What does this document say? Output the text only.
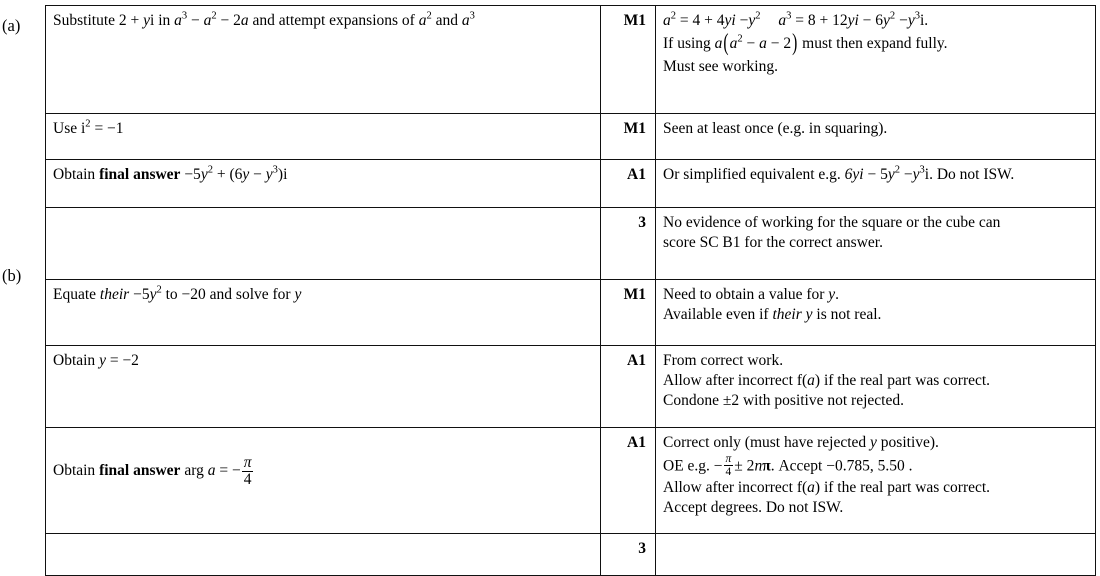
(a)
(b)
Substitute 2 + yi in $a^3 - a^2 - 2a$ and attempt expansions of $a^2$ and $a^3$	M1	$a^2 = 4 + 4yi -y^2$ $a^3 = 8 + 12yi - 6y^2 -y^3i$.
If using $a(a^2 - a - 2)$ must then expand fully.
Must see working.

Use $i^2 = -1$	M1	Seen at least once (e.g. in squaring).
Obtain final answer $-5y^2 + (6y - y^3)i$	A1	Or simplified equivalent e.g. $6yi - 5y^2 -y^3i$. Do not ISW.
	3	No evidence of working for the square or the cube can
score SC B1 for the correct answer.

Equate their $-5y^2$ to −20 and solve for y	M1	Need to obtain a value for y.
Available even if their y is not real.

Obtain y = −2	A1	From correct work.
Allow after incorrect f(a) if the real part was correct.
Condone ±2 with positive not rejected.

Obtain final answer arg a = − $\frac{\pi}{4}$
	A1	Correct only (must have rejected y positive).
OE e.g. − $\frac{\pi}{4} \pm 2n\pi$. Accept −0.785, 5.50 .
Allow after incorrect f(a) if the real part was correct.
Accept degrees. Do not ISW.

	3	
